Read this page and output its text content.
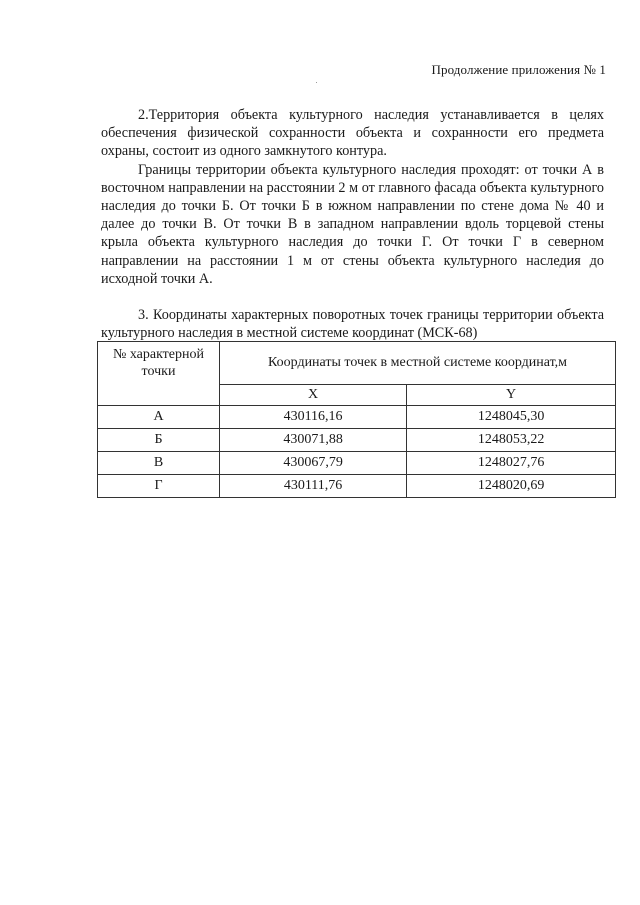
Продолжение приложения № 1

2.Территория объекта культурного наследия устанавливается в целях обеспечения физической сохранности объекта и сохранности его предмета охраны, состоит из одного замкнутого контура.

Границы территории объекта культурного наследия проходят: от точки А в восточном направлении на расстоянии 2 м от главного фасада объекта культурного наследия до точки Б. От точки Б в южном направлении по стене дома № 40 и далее до точки В. От точки В в западном направлении вдоль торцевой стены крыла объекта культурного наследия до точки Г. От точки Г в северном направлении на расстоянии 1 м от стены объекта культурного наследия до исходной точки А.

3. Координаты характерных поворотных точек границы территории объекта культурного наследия в местной системе координат (МСК-68)

№ характерной точки	Координаты точек в местной системе координат,м	
	X	Y
А	430116,16	1248045,30
Б	430071,88	1248053,22
В	430067,79	1248027,76
Г	430111,76	1248020,69
